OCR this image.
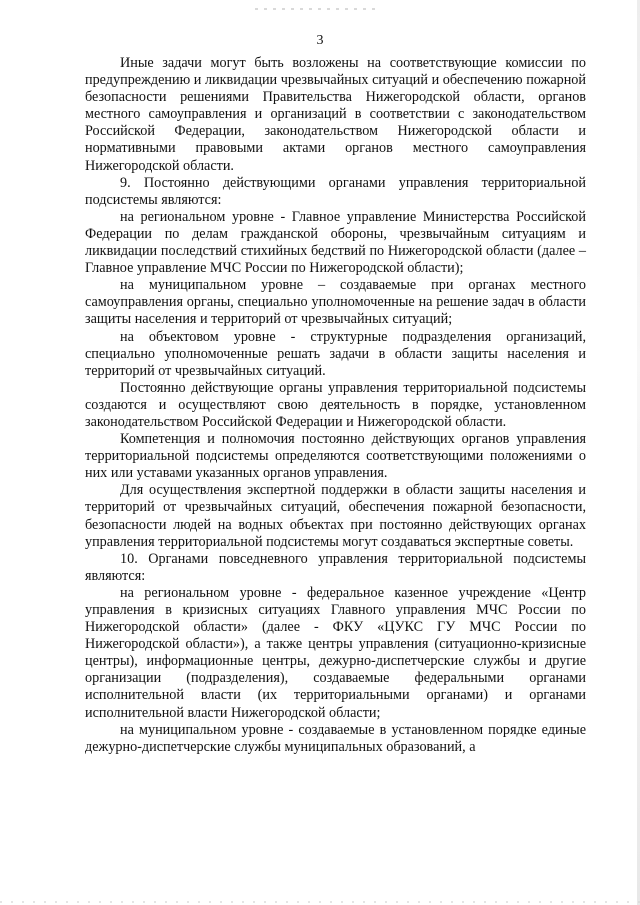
3

Иные задачи могут быть возложены на соответствующие комиссии по предупреждению и ликвидации чрезвычайных ситуаций и обеспечению пожарной безопасности решениями Правительства Нижегородской области, органов местного самоуправления и организаций в соответствии с законодательством Российской Федерации, законодательством Нижегородской области и нормативными правовыми актами органов местного самоуправления Нижегородской области.

9. Постоянно действующими органами управления территориальной подсистемы являются:

на региональном уровне - Главное управление Министерства Российской Федерации по делам гражданской обороны, чрезвычайным ситуациям и ликвидации последствий стихийных бедствий по Нижегородской области (далее – Главное управление МЧС России по Нижегородской области);

на муниципальном уровне – создаваемые при органах местного самоуправления органы, специально уполномоченные на решение задач в области защиты населения и территорий от чрезвычайных ситуаций;

на объектовом уровне - структурные подразделения организаций, специально уполномоченные решать задачи в области защиты населения и территорий от чрезвычайных ситуаций.

Постоянно действующие органы управления территориальной подсистемы создаются и осуществляют свою деятельность в порядке, установленном законодательством Российской Федерации и Нижегородской области.

Компетенция и полномочия постоянно действующих органов управления территориальной подсистемы определяются соответствующими положениями о них или уставами указанных органов управления.

Для осуществления экспертной поддержки в области защиты населения и территорий от чрезвычайных ситуаций, обеспечения пожарной безопасности, безопасности людей на водных объектах при постоянно действующих органах управления территориальной подсистемы могут создаваться экспертные советы.

10. Органами повседневного управления территориальной подсистемы являются:

на региональном уровне - федеральное казенное учреждение «Центр управления в кризисных ситуациях Главного управления МЧС России по Нижегородской области» (далее - ФКУ «ЦУКС ГУ МЧС России по Нижегородской области»), а также центры управления (ситуационно-кризисные центры), информационные центры, дежурно-диспетчерские службы и другие организации (подразделения), создаваемые федеральными органами исполнительной власти (их территориальными органами) и органами исполнительной власти Нижегородской области;

на муниципальном уровне - создаваемые в установленном порядке единые дежурно-диспетчерские службы муниципальных образований, а
